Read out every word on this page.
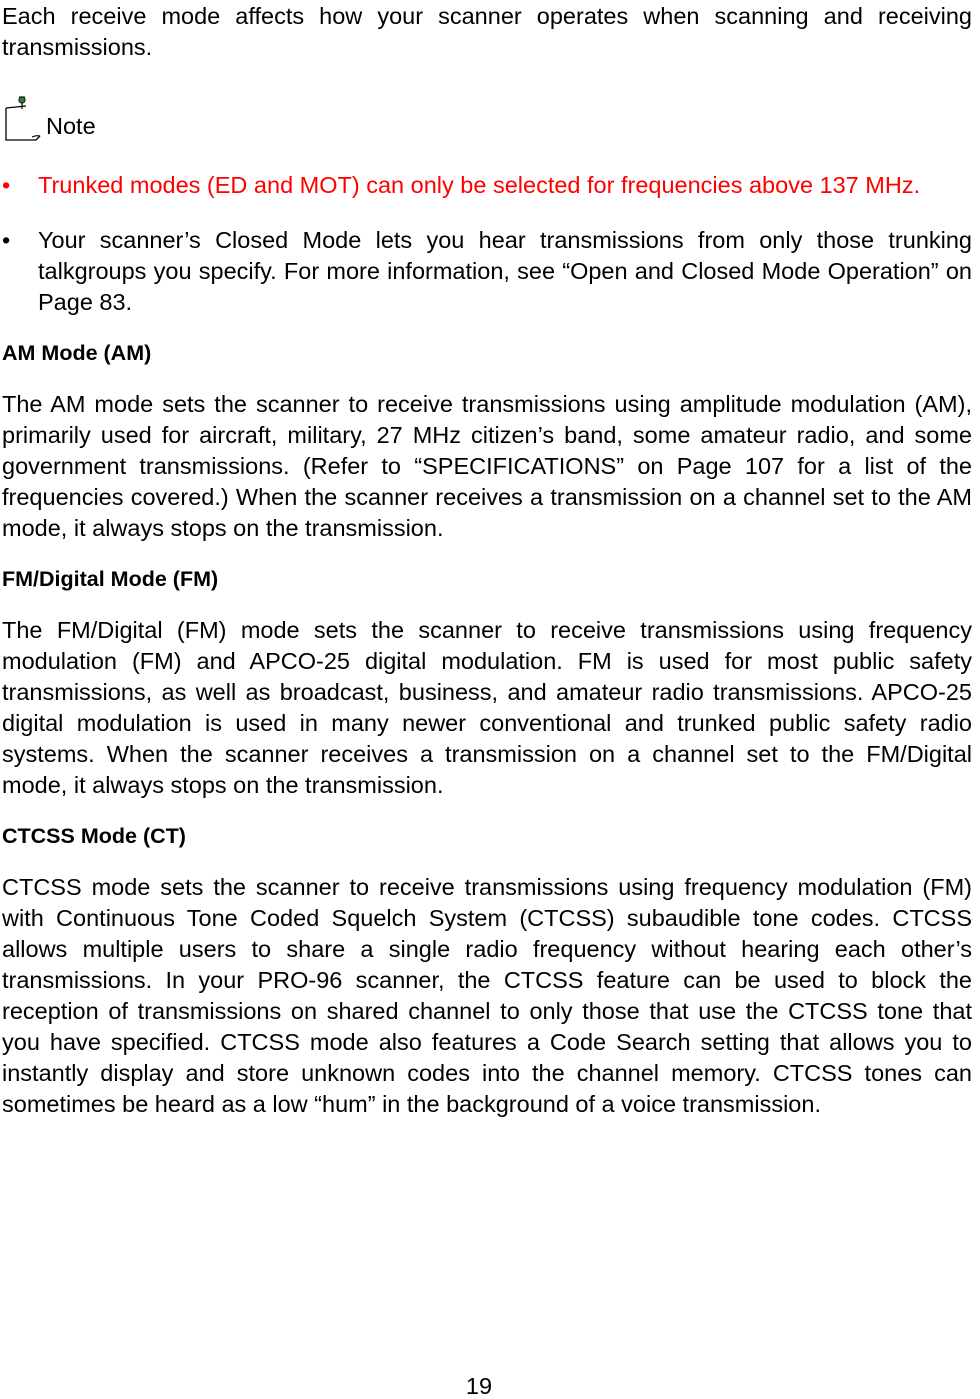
Each receive mode affects how your scanner operates when scanning and receiving transmissions.

Note
• Trunked modes (ED and MOT) can only be selected for frequencies above 137 MHz.
• Your scanner’s Closed Mode lets you hear transmissions from only those trunking talkgroups you specify. For more information, see “Open and Closed Mode Operation” on Page 83.
AM Mode (AM)

The AM mode sets the scanner to receive transmissions using amplitude modulation (AM), primarily used for aircraft, military, 27 MHz citizen’s band, some amateur radio, and some government transmissions. (Refer to “SPECIFICATIONS” on Page 107 for a list of the frequencies covered.) When the scanner receives a transmission on a channel set to the AM mode, it always stops on the transmission.

FM/Digital Mode (FM)

The FM/Digital (FM) mode sets the scanner to receive transmissions using frequency modulation (FM) and APCO-25 digital modulation. FM is used for most public safety transmissions, as well as broadcast, business, and amateur radio transmissions. APCO-25 digital modulation is used in many newer conventional and trunked public safety radio systems. When the scanner receives a transmission on a channel set to the FM/Digital mode, it always stops on the transmission.

CTCSS Mode (CT)

CTCSS mode sets the scanner to receive transmissions using frequency modulation (FM) with Continuous Tone Coded Squelch System (CTCSS) subaudible tone codes. CTCSS allows multiple users to share a single radio frequency without hearing each other’s transmissions. In your PRO-96 scanner, the CTCSS feature can be used to block the reception of transmissions on shared channel to only those that use the CTCSS tone that you have specified. CTCSS mode also features a Code Search setting that allows you to instantly display and store unknown codes into the channel memory. CTCSS tones can sometimes be heard as a low “hum” in the background of a voice transmission.

19
